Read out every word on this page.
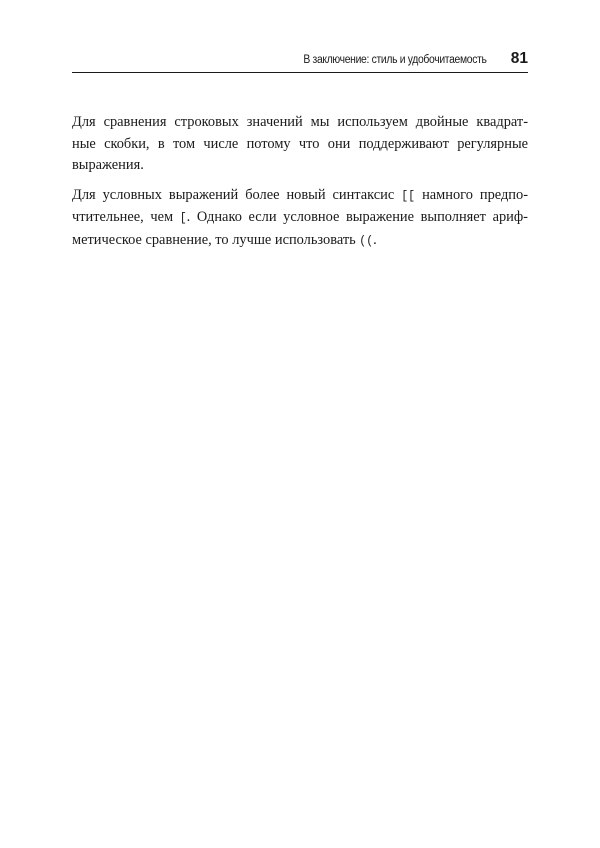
В заключение: стиль и удобочитаемость 81

Для сравнения строковых значений мы используем двойные квадрат-
ные скобки, в том числе потому что они поддерживают регулярные
выражения.

Для условных выражений более новый синтаксис [[ намного предпо-
чтительнее, чем [. Однако если условное выражение выполняет ариф-
метическое сравнение, то лучше использовать ((.
